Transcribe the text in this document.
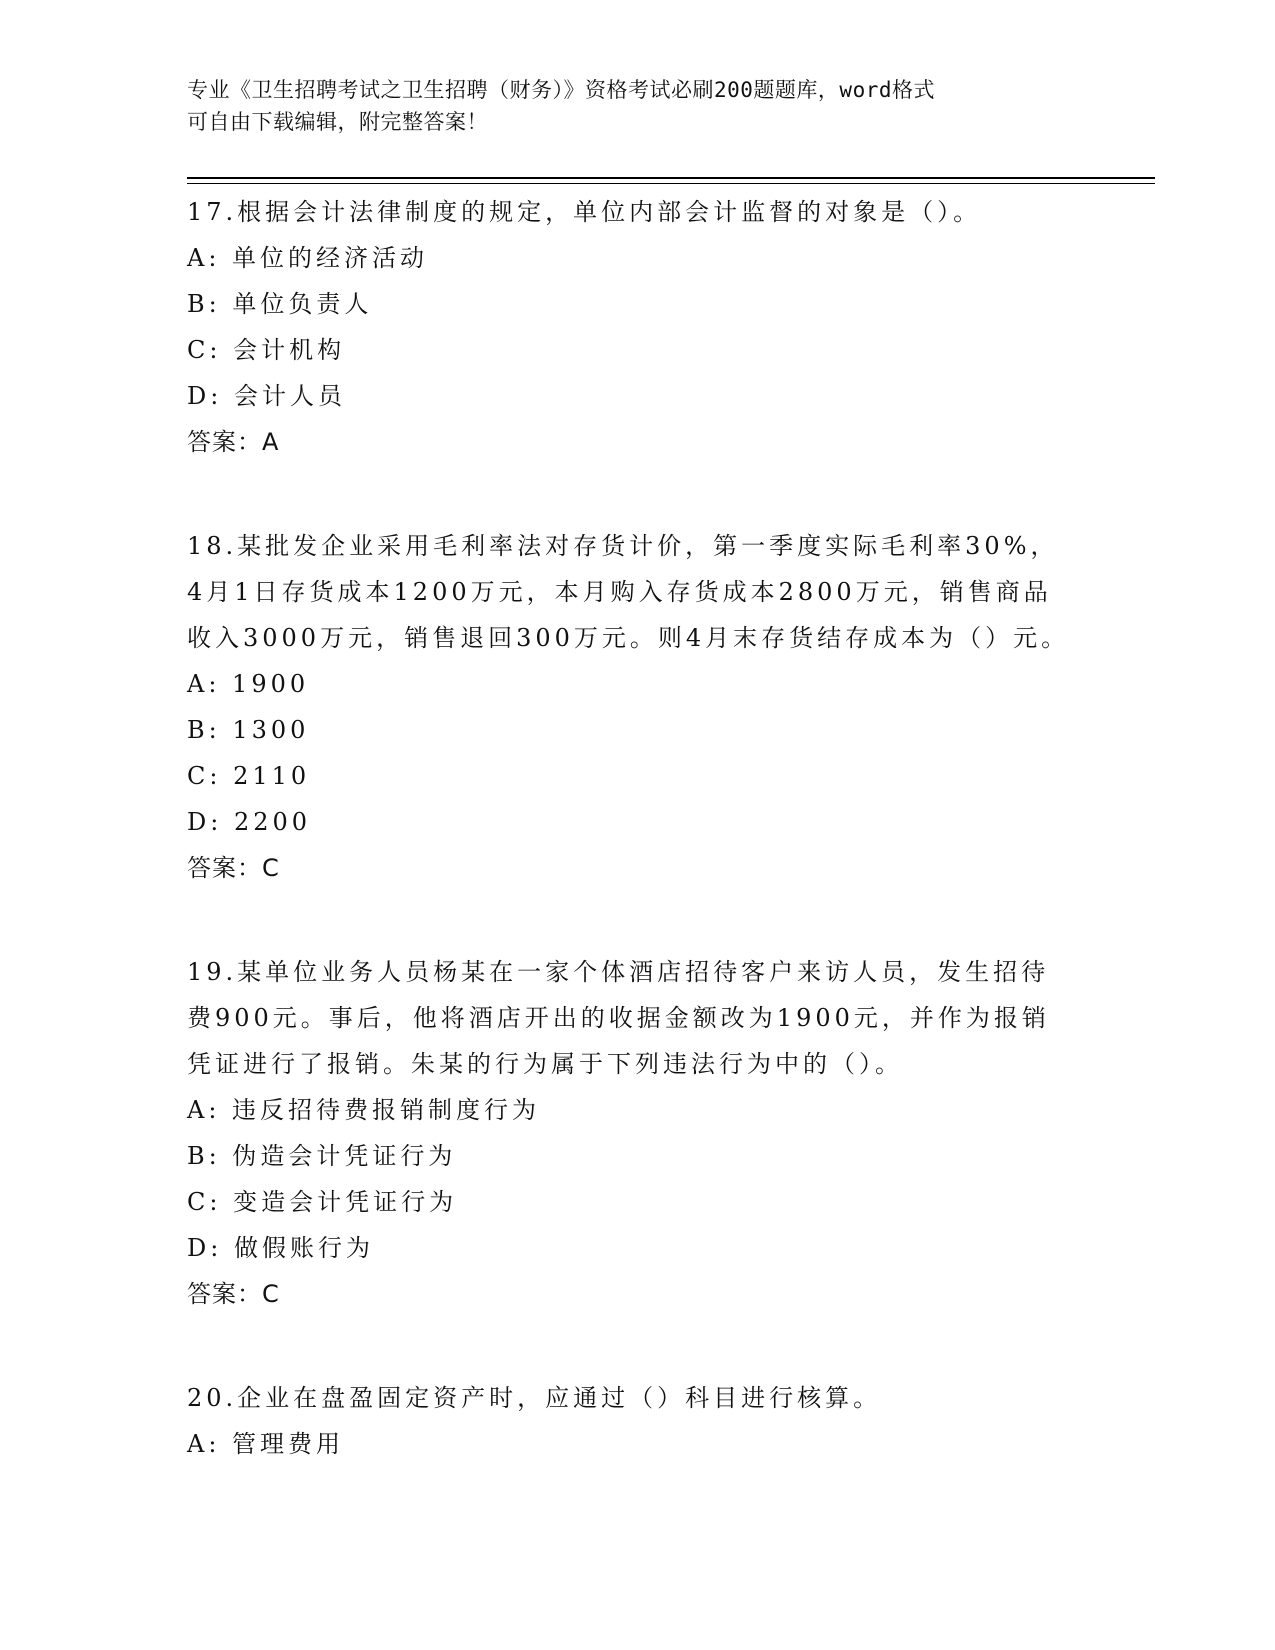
专业《卫生招聘考试之卫生招聘（财务）》资格考试必刷200题题库，word格式
可自由下载编辑，附完整答案！
17.根据会计法律制度的规定，单位内部会计监督的对象是（）。
A: 单位的经济活动
B: 单位负责人
C: 会计机构
D: 会计人员
答案：A
18.某批发企业采用毛利率法对存货计价，第一季度实际毛利率30%，4月1日存货成本1200万元，本月购入存货成本2800万元，销售商品收入3000万元，销售退回300万元。则4月末存货结存成本为（）元。
A: 1900
B: 1300
C: 2110
D: 2200
答案：C
19.某单位业务人员杨某在一家个体酒店招待客户来访人员，发生招待费900元。事后，他将酒店开出的收据金额改为1900元，并作为报销凭证进行了报销。朱某的行为属于下列违法行为中的（）。
A: 违反招待费报销制度行为
B: 伪造会计凭证行为
C: 变造会计凭证行为
D: 做假账行为
答案：C
20.企业在盘盈固定资产时，应通过（）科目进行核算。
A: 管理费用
